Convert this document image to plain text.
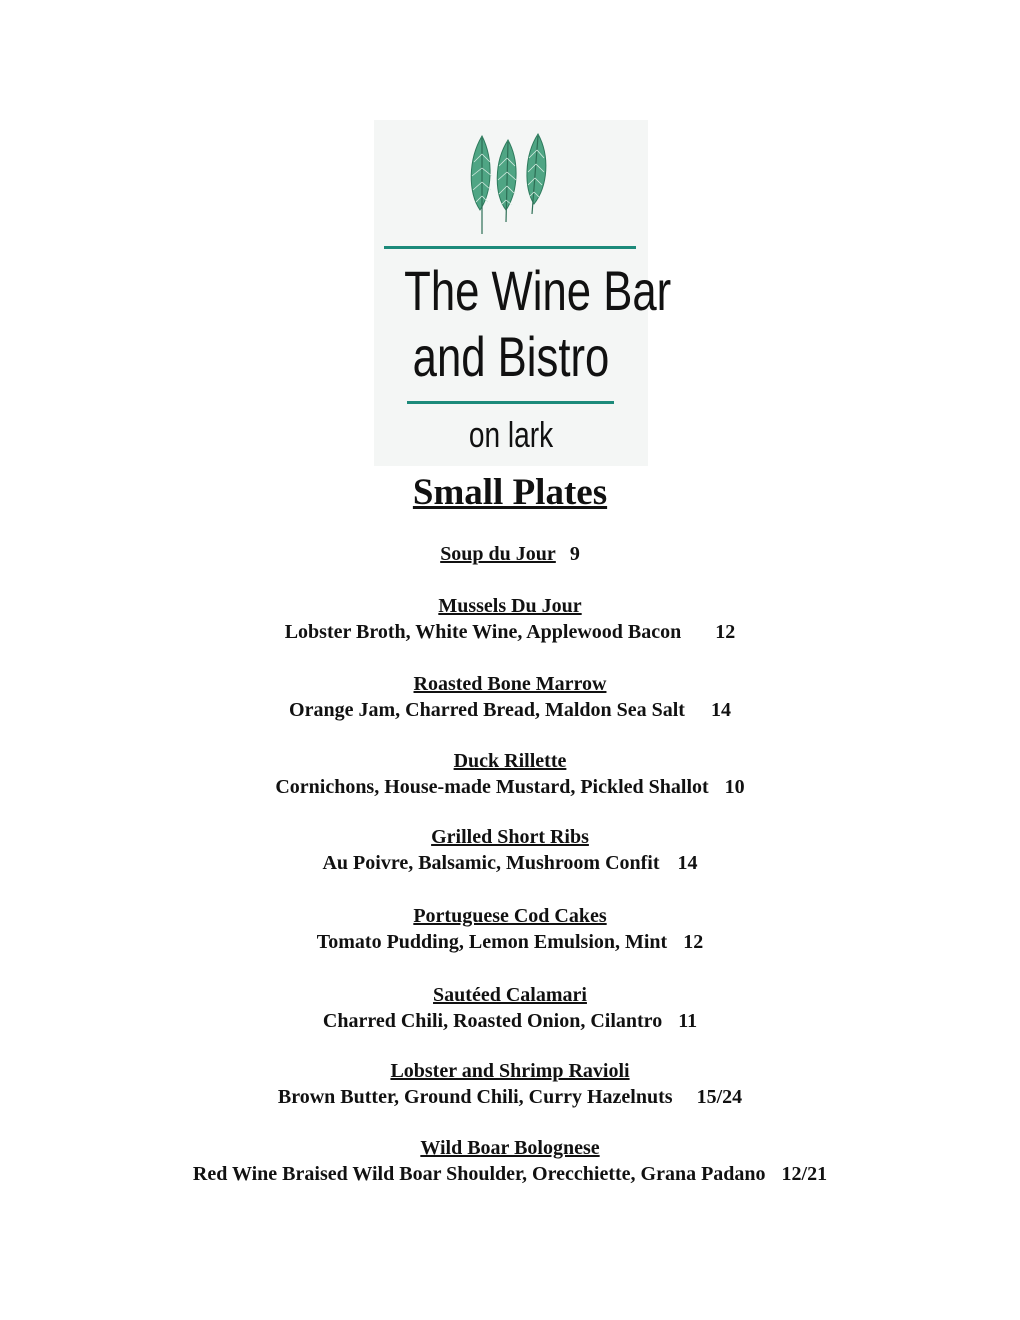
The Wine Bar
and Bistro
on lark
Small Plates
Soup du Jour 9
Mussels Du Jour
Lobster Broth, White Wine, Applewood Bacon 12
Roasted Bone Marrow
Orange Jam, Charred Bread, Maldon Sea Salt 14
Duck Rillette
Cornichons, House-made Mustard, Pickled Shallot 10
Grilled Short Ribs
Au Poivre, Balsamic, Mushroom Confit 14
Portuguese Cod Cakes
Tomato Pudding, Lemon Emulsion, Mint 12
Sautéed Calamari
Charred Chili, Roasted Onion, Cilantro 11
Lobster and Shrimp Ravioli
Brown Butter, Ground Chili, Curry Hazelnuts 15/24
Wild Boar Bolognese
Red Wine Braised Wild Boar Shoulder, Orecchiette, Grana Padano 12/21
